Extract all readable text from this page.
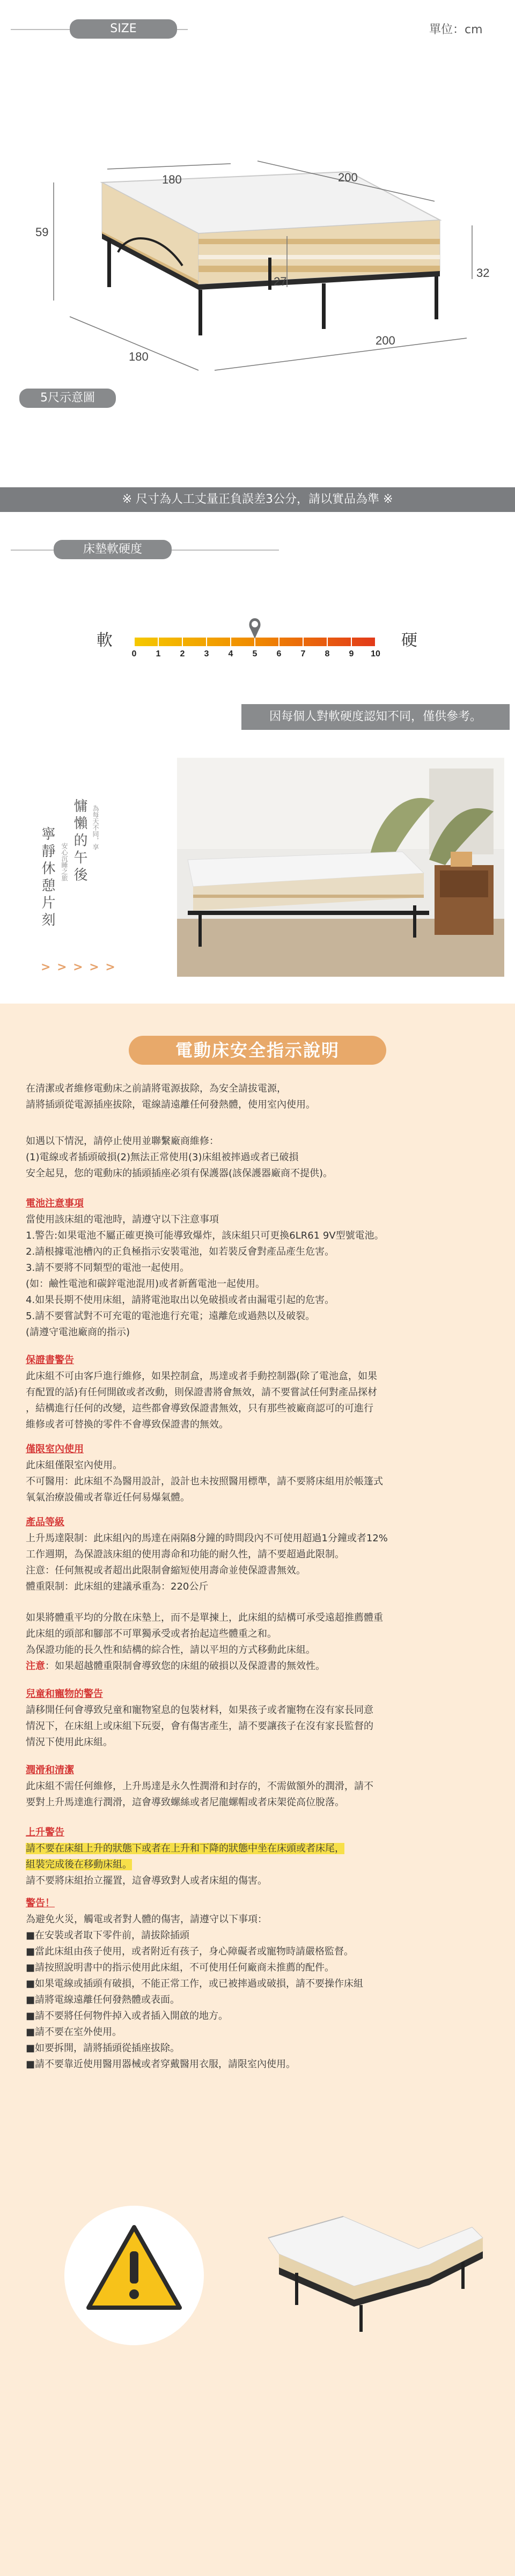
SIZE	單位：cm
180	200
59
27
32
180
200
5尺示意圖
※ 尺寸為人工丈量正負誤差3公分，請以實品為準 ※
床墊軟硬度
軟	硬
0	1	2	3	4	5	6	7	8	9	10
因每個人對軟硬度認知不同，僅供參考。
慵懶的午後 為每天不同，享
寧靜休憩片刻 安心沉睡之旅
> > > > >
電動床安全指示說明

在清潔或者維修電動床之前請將電源拔除，為安全請拔電源，

請將插頭從電源插座拔除，電線請遠離任何發熱體，使用室內使用。

如遇以下情況，請停止使用並聯繫廠商維修：

(1)電線或者插頭破損(2)無法正常使用(3)床組被摔過或者已破損

安全起見，您的電動床的插頭插座必須有保護器(該保護器廠商不提供)。

電池注意事項

當使用該床組的電池時，請遵守以下注意事項

1.警告:如果電池不屬正確更換可能導致爆炸，該床組只可更換6LR61 9V型號電池。

2.請根據電池槽內的正負極指示安裝電池，如若裝反會對產品產生危害。

3.請不要將不同類型的電池一起使用。

(如：鹼性電池和碳鋅電池混用)或者新舊電池一起使用。

4.如果長期不使用床組，請將電池取出以免破損或者由漏電引起的危害。

5.請不要嘗試對不可充電的電池進行充電；遠離危或過熱以及破裂。

(請遵守電池廠商的指示)

保證書警告

此床組不可由客戶進行維修，如果控制盒，馬達或者手動控制器(除了電池盒，如果

有配置的話)有任何開啟或者改動，則保證書將會無效，請不要嘗試任何對產品探材

，結構進行任何的改變，這些都會導致保證書無效，只有那些被廠商認可的可進行

維修或者可替換的零件不會導致保證書的無效。

僅限室內使用

此床組僅限室內使用。

不可醫用：此床組不為醫用設計，設計也未按照醫用標準，請不要將床組用於帳篷式

氧氣治療設備或者靠近任何易爆氣體。

產品等級

上升馬達限制：此床組內的馬達在兩隔8分鐘的時間段內不可使用超過1分鐘或者12%

工作週期，為保證該床組的使用壽命和功能的耐久性，請不要超過此限制。

注意：任何無視或者超出此限制會縮短使用壽命並使保證書無效。

體重限制：此床組的建議承重為：220公斤

如果將體重平均的分散在床墊上，而不是單揀上，此床組的結構可承受遠超推薦體重

此床組的頭部和腳部不可單獨承受或者抬起這些體重之和。

為保證功能的長久性和結構的綜合性，請以平坦的方式移動此床組。

注意：如果超越體重限制會導致您的床組的破損以及保證書的無效性。

兒童和寵物的警告

請移開任何會導致兒童和寵物窒息的包裝材料，如果孩子或者寵物在沒有家長同意

情況下，在床組上或床組下玩耍，會有傷害產生，請不要讓孩子在沒有家長監督的

情況下使用此床組。

潤滑和清潔

此床組不需任何維修，上升馬達是永久性潤滑和封存的，不需做額外的潤滑，請不

要對上升馬達進行潤滑，這會導致螺絲或者尼龍螺帽或者床架從高位脫落。

上升警告

請不要在床組上升的狀態下或者在上升和下降的狀態中坐在床頭或者床尾，

組裝完成後在移動床組。

請不要將床組抬立擺置，這會導致對人或者床組的傷害。

警告！

為避免火災，觸電或者對人體的傷害，請遵守以下事項：

■在安裝或者取下零件前，請拔除插頭

■當此床組由孩子使用，或者附近有孩子，身心障礙者或寵物時請嚴格監督。

■請按照說明書中的指示使用此床組，不可使用任何廠商未推薦的配件。

■如果電線或插頭有破損，不能正常工作，或已被摔過或破損，請不要操作床組

■請將電線遠離任何發熱體或表面。

■請不要將任何物件掉入或者插入開啟的地方。

■請不要在室外使用。

■如要拆開，請將插頭從插座拔除。

■請不要靠近使用醫用器械或者穿戴醫用衣服，請限室內使用。
